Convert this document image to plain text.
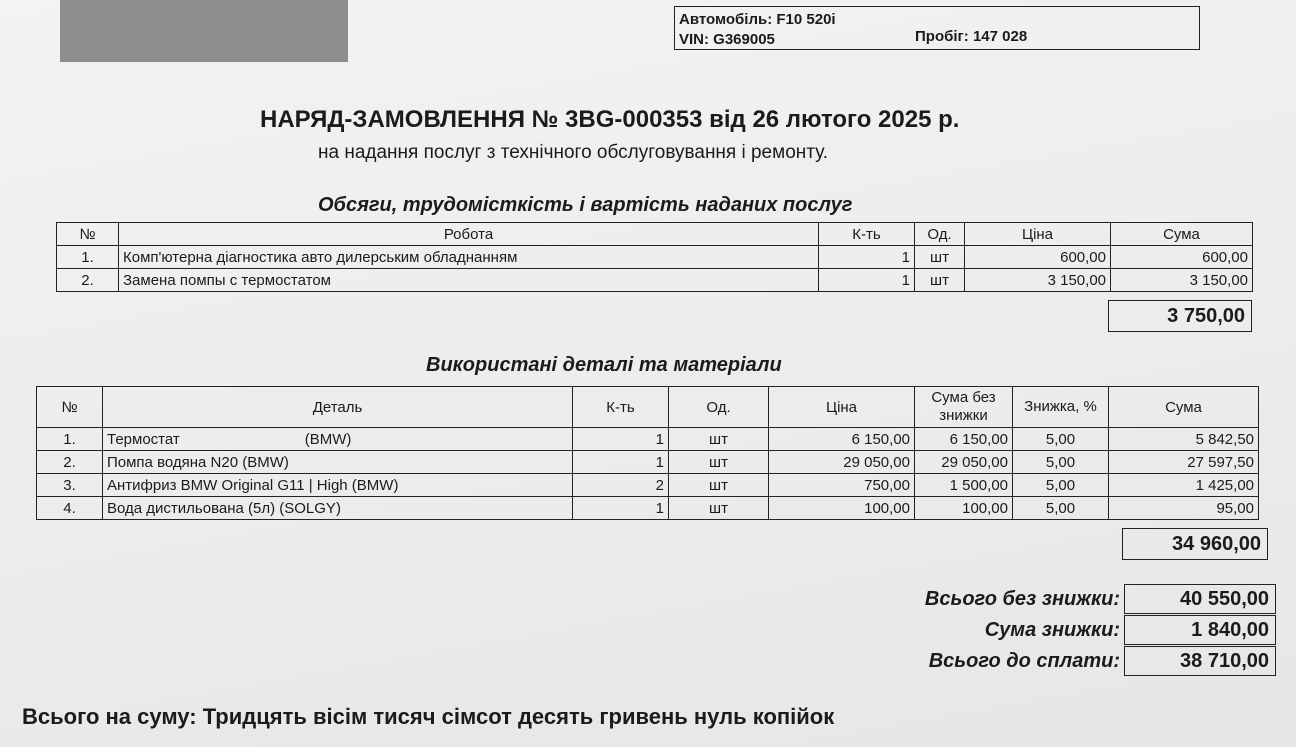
Автомобіль: F10 520i
VIN: G369005	Пробіг: 147 028
НАРЯД-ЗАМОВЛЕННЯ № 3BG-000353 від 26 лютого 2025 р.
на надання послуг з технічного обслуговування і ремонту.
Обсяги, трудомісткість і вартість наданих послуг
№	Робота	К-ть	Од.	Ціна	Сума
1.	Комп'ютерна діагностика авто дилерським обладнанням	1	шт	600,00	600,00
2.	Замена помпы с термостатом	1	шт	3 150,00	3 150,00
3 750,00
Використані деталі та матеріали
№	Деталь	К-ть	Од.	Ціна	Сума без знижки	Знижка, %	Сума
1.	Термостат                              (BMW)	1	шт	6 150,00	6 150,00	5,00	5 842,50
2.	Помпа водяна N20 (BMW)	1	шт	29 050,00	29 050,00	5,00	27 597,50
3.	Антифриз BMW Original G11 | High (BMW)	2	шт	750,00	1 500,00	5,00	1 425,00
4.	Вода дистильована (5л) (SOLGY)	1	шт	100,00	100,00	5,00	95,00
34 960,00
Всього без знижки:	40 550,00
Сума знижки:	1 840,00
Всього до сплати:	38 710,00
Всього на суму: Тридцять вісім тисяч сімсот десять гривень нуль копійок
